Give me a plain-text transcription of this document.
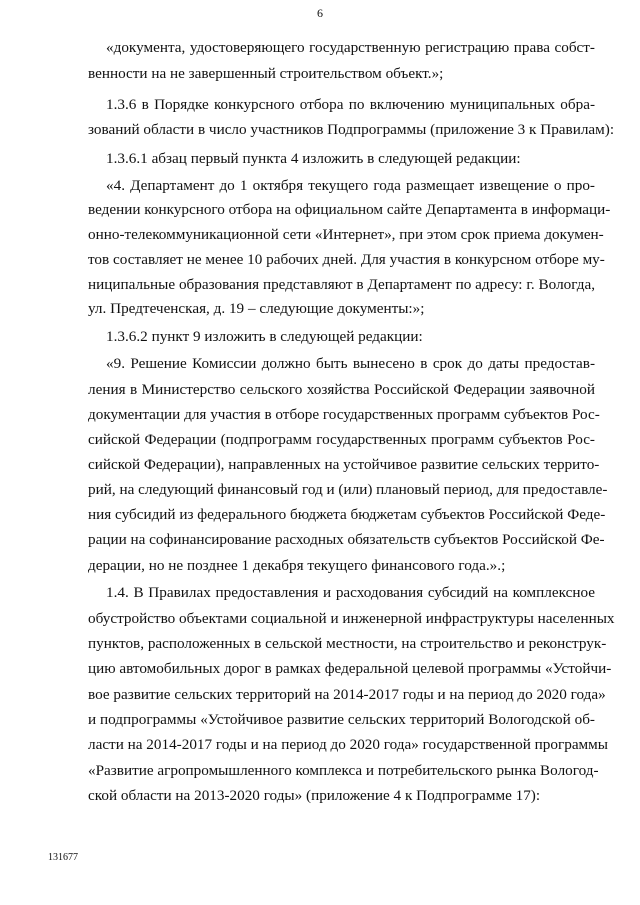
6
«документа, удостоверяющего государственную регистрацию права собст-
венности на не завершенный строительством объект.»;
1.3.6 в Порядке конкурсного отбора по включению муниципальных обра-
зований области в число участников Подпрограммы (приложение 3 к Правилам):
1.3.6.1 абзац первый пункта 4 изложить в следующей редакции:
«4. Департамент до 1 октября текущего года размещает извещение о про-
ведении конкурсного отбора на официальном сайте Департамента в информаци-
онно-телекоммуникационной сети «Интернет», при этом срок приема докумен-
тов составляет не менее 10 рабочих дней. Для участия в конкурсном отборе му-
ниципальные образования представляют в Департамент по адресу: г. Вологда,
ул. Предтеченская, д. 19 – следующие документы:»;
1.3.6.2 пункт 9 изложить в следующей редакции:
«9. Решение Комиссии должно быть вынесено в срок до даты предостав-
ления в Министерство сельского хозяйства Российской Федерации заявочной
документации для участия в отборе государственных программ субъектов Рос-
сийской Федерации (подпрограмм государственных программ субъектов Рос-
сийской Федерации), направленных на устойчивое развитие сельских террито-
рий, на следующий финансовый год и (или) плановый период, для предоставле-
ния субсидий из федерального бюджета бюджетам субъектов Российской Феде-
рации на софинансирование расходных обязательств субъектов Российской Фе-
дерации, но не позднее 1 декабря текущего финансового года.».;
1.4. В Правилах предоставления и расходования субсидий на комплексное
обустройство объектами социальной и инженерной инфраструктуры населенных
пунктов, расположенных в сельской местности, на строительство и реконструк-
цию автомобильных дорог в рамках федеральной целевой программы «Устойчи-
вое развитие сельских территорий на 2014-2017 годы и на период до 2020 года»
и подпрограммы «Устойчивое развитие сельских территорий Вологодской об-
ласти на 2014-2017 годы и на период до 2020 года» государственной программы
«Развитие агропромышленного комплекса и потребительского рынка Вологод-
ской области на 2013-2020 годы» (приложение 4 к Подпрограмме 17):
131677
